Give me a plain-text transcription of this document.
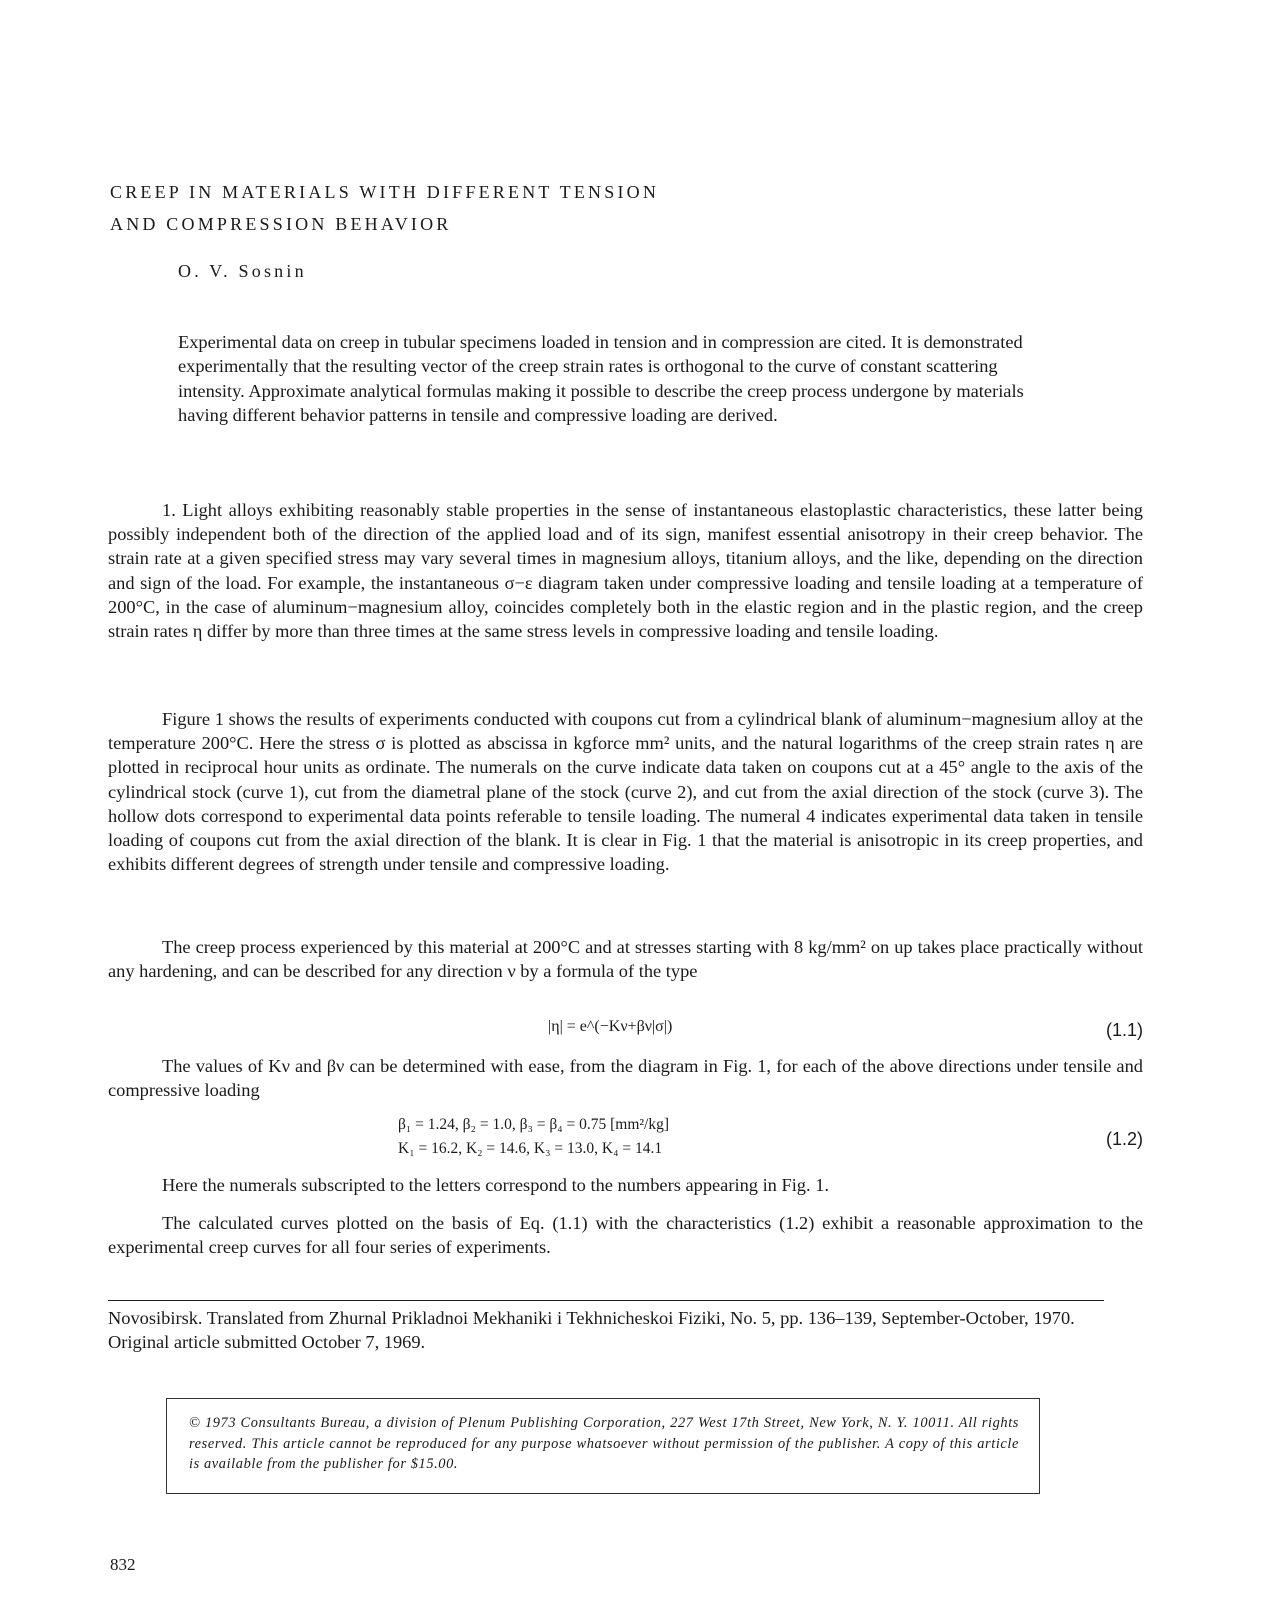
CREEP IN MATERIALS WITH DIFFERENT TENSION
AND COMPRESSION BEHAVIOR
O. V. Sosnin
Experimental data on creep in tubular specimens loaded in tension and in compression are cited. It is demonstrated experimentally that the resulting vector of the creep strain rates is orthogonal to the curve of constant scattering intensity. Approximate analytical formulas making it possible to describe the creep process undergone by materials having different behavior patterns in tensile and compressive loading are derived.

1. Light alloys exhibiting reasonably stable properties in the sense of instantaneous elastoplastic characteristics, these latter being possibly independent both of the direction of the applied load and of its sign, manifest essential anisotropy in their creep behavior. The strain rate at a given specified stress may vary several times in magnesium alloys, titanium alloys, and the like, depending on the direction and sign of the load. For example, the instantaneous σ−ε diagram taken under compressive loading and tensile loading at a temperature of 200°C, in the case of aluminum−magnesium alloy, coincides completely both in the elastic region and in the plastic region, and the creep strain rates η differ by more than three times at the same stress levels in compressive loading and tensile loading.

Figure 1 shows the results of experiments conducted with coupons cut from a cylindrical blank of aluminum−magnesium alloy at the temperature 200°C. Here the stress σ is plotted as abscissa in kgforce mm² units, and the natural logarithms of the creep strain rates η are plotted in reciprocal hour units as ordinate. The numerals on the curve indicate data taken on coupons cut at a 45° angle to the axis of the cylindrical stock (curve 1), cut from the diametral plane of the stock (curve 2), and cut from the axial direction of the stock (curve 3). The hollow dots correspond to experimental data points referable to tensile loading. The numeral 4 indicates experimental data taken in tensile loading of coupons cut from the axial direction of the blank. It is clear in Fig. 1 that the material is anisotropic in its creep properties, and exhibits different degrees of strength under tensile and compressive loading.

The creep process experienced by this material at 200°C and at stresses starting with 8 kg/mm² on up takes place practically without any hardening, and can be described for any direction ν by a formula of the type

|η| = e^(−Kν+βν|σ|)	(1.1)

The values of Kν and βν can be determined with ease, from the diagram in Fig. 1, for each of the above directions under tensile and compressive loading

β₁ = 1.24, β₂ = 1.0, β₃ = β₄ = 0.75 [mm²/kg]
K₁ = 16.2, K₂ = 14.6, K₃ = 13.0, K₄ = 14.1	(1.2)

Here the numerals subscripted to the letters correspond to the numbers appearing in Fig. 1.

The calculated curves plotted on the basis of Eq. (1.1) with the characteristics (1.2) exhibit a reasonable approximation to the experimental creep curves for all four series of experiments.

Novosibirsk. Translated from Zhurnal Prikladnoi Mekhaniki i Tekhnicheskoi Fiziki, No. 5, pp. 136–139, September-October, 1970. Original article submitted October 7, 1969.
© 1973 Consultants Bureau, a division of Plenum Publishing Corporation, 227 West 17th Street, New York, N. Y. 10011. All rights reserved. This article cannot be reproduced for any purpose whatsoever without permission of the publisher. A copy of this article is available from the publisher for $15.00.
832
